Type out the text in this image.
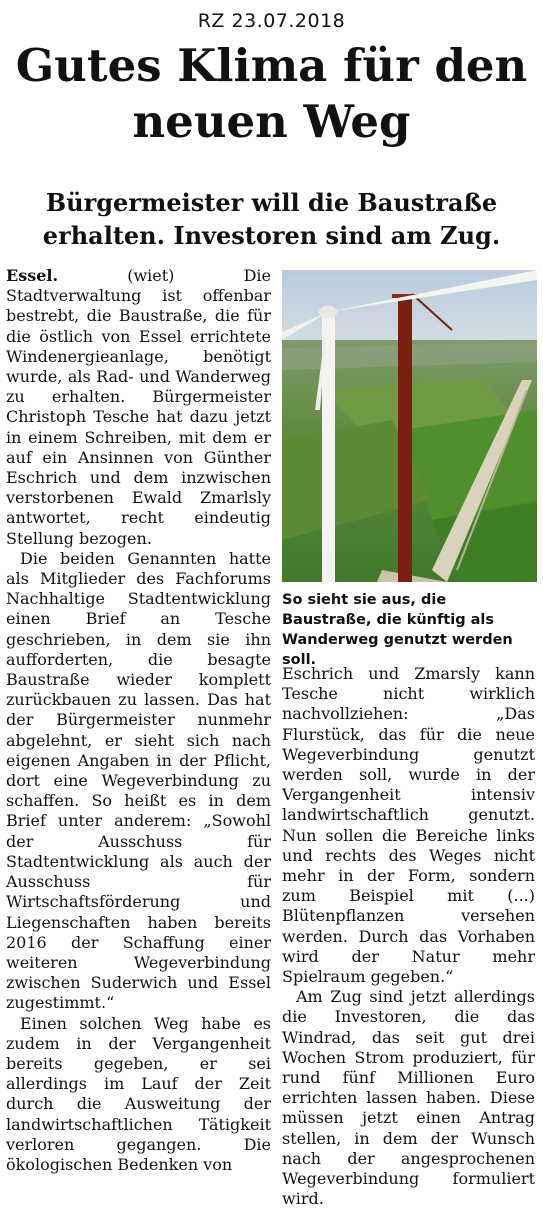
RZ 23.07.2018
Gutes Klima für den neuen Weg
Bürgermeister will die Baustraße erhalten. Investoren sind am Zug.

Essel.	(wiet) Die Stadtverwaltung ist offenbar bestrebt, die Baustraße, die für die östlich von Essel errichtete Windenergieanlage, benötigt wurde, als Rad- und Wanderweg zu erhalten. Bürgermeister Christoph Tesche hat dazu jetzt in einem Schreiben, mit dem er auf ein Ansinnen von Günther Eschrich und dem inzwischen verstorbenen Ewald Zmarlsly antwortet, recht eindeutig Stellung bezogen.

Die beiden Genannten hatte als Mitglieder des Fachforums Nachhaltige Stadtentwicklung einen Brief an Tesche geschrieben, in dem sie ihn aufforderten, die besagte Baustraße wieder komplett zurückbauen zu lassen. Das hat der Bürgermeister nunmehr abgelehnt, er sieht sich nach eigenen Angaben in der Pflicht, dort eine Wegeverbindung zu schaffen. So heißt es in dem Brief unter anderem: „Sowohl der Ausschuss für Stadtentwicklung als auch der Ausschuss für Wirtschaftsförderung und Liegenschaften haben bereits 2016 der Schaffung einer weiteren Wegeverbindung zwischen Suderwich und Essel zugestimmt.“

Einen solchen Weg habe es zudem in der Vergangenheit bereits gegeben, er sei allerdings im Lauf der Zeit durch die Ausweitung der landwirtschaftlichen Tätigkeit verloren gegangen. Die ökologischen Bedenken von

So sieht sie aus, die Baustraße, die künftig als Wanderweg genutzt werden soll.

Eschrich und Zmarsly kann Tesche nicht wirklich nachvollziehen: „Das Flurstück, das für die neue Wegeverbindung genutzt werden soll, wurde in der Vergangenheit intensiv landwirtschaftlich genutzt. Nun sollen die Bereiche links und rechts des Weges nicht mehr in der Form, sondern zum Beispiel mit (...) Blütenpflanzen versehen werden. Durch das Vorhaben wird der Natur mehr Spielraum gegeben.“

Am Zug sind jetzt allerdings die Investoren, die das Windrad, das seit gut drei Wochen Strom produziert, für rund fünf Millionen Euro errichten lassen haben. Diese müssen jetzt einen Antrag stellen, in dem der Wunsch nach der angesprochenen Wegeverbindung formuliert wird.
